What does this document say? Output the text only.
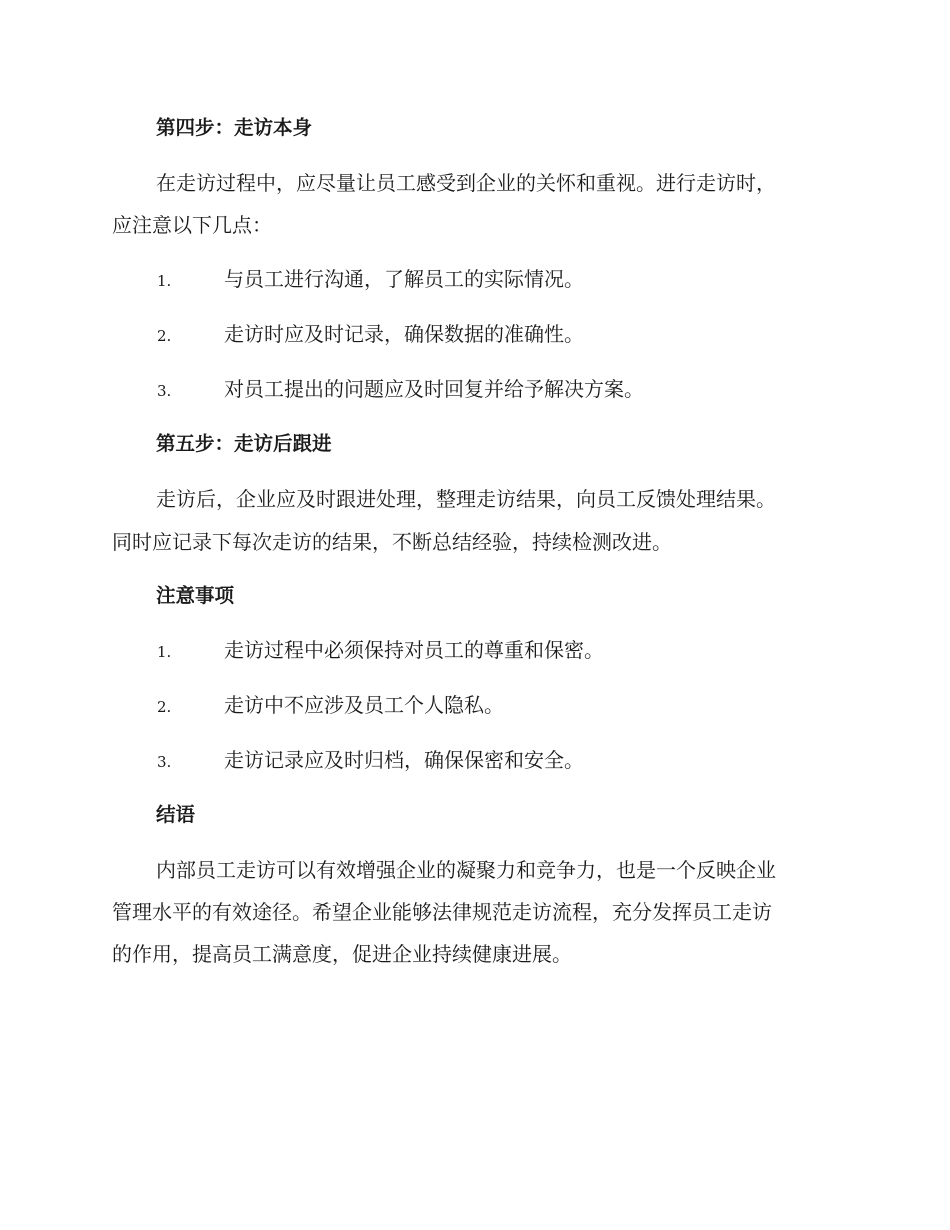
第四步：走访本身
在走访过程中，应尽量让员工感受到企业的关怀和重视。进行走访时，
应注意以下几点：
1.	与员工进行沟通，了解员工的实际情况。
2.	走访时应及时记录，确保数据的准确性。
3.	对员工提出的问题应及时回复并给予解决方案。
第五步：走访后跟进
走访后，企业应及时跟进处理，整理走访结果，向员工反馈处理结果。
同时应记录下每次走访的结果，不断总结经验，持续检测改进。
注意事项
1.	走访过程中必须保持对员工的尊重和保密。
2.	走访中不应涉及员工个人隐私。
3.	走访记录应及时归档，确保保密和安全。
结语
内部员工走访可以有效增强企业的凝聚力和竞争力，也是一个反映企业
管理水平的有效途径。希望企业能够法律规范走访流程，充分发挥员工走访
的作用，提高员工满意度，促进企业持续健康进展。
